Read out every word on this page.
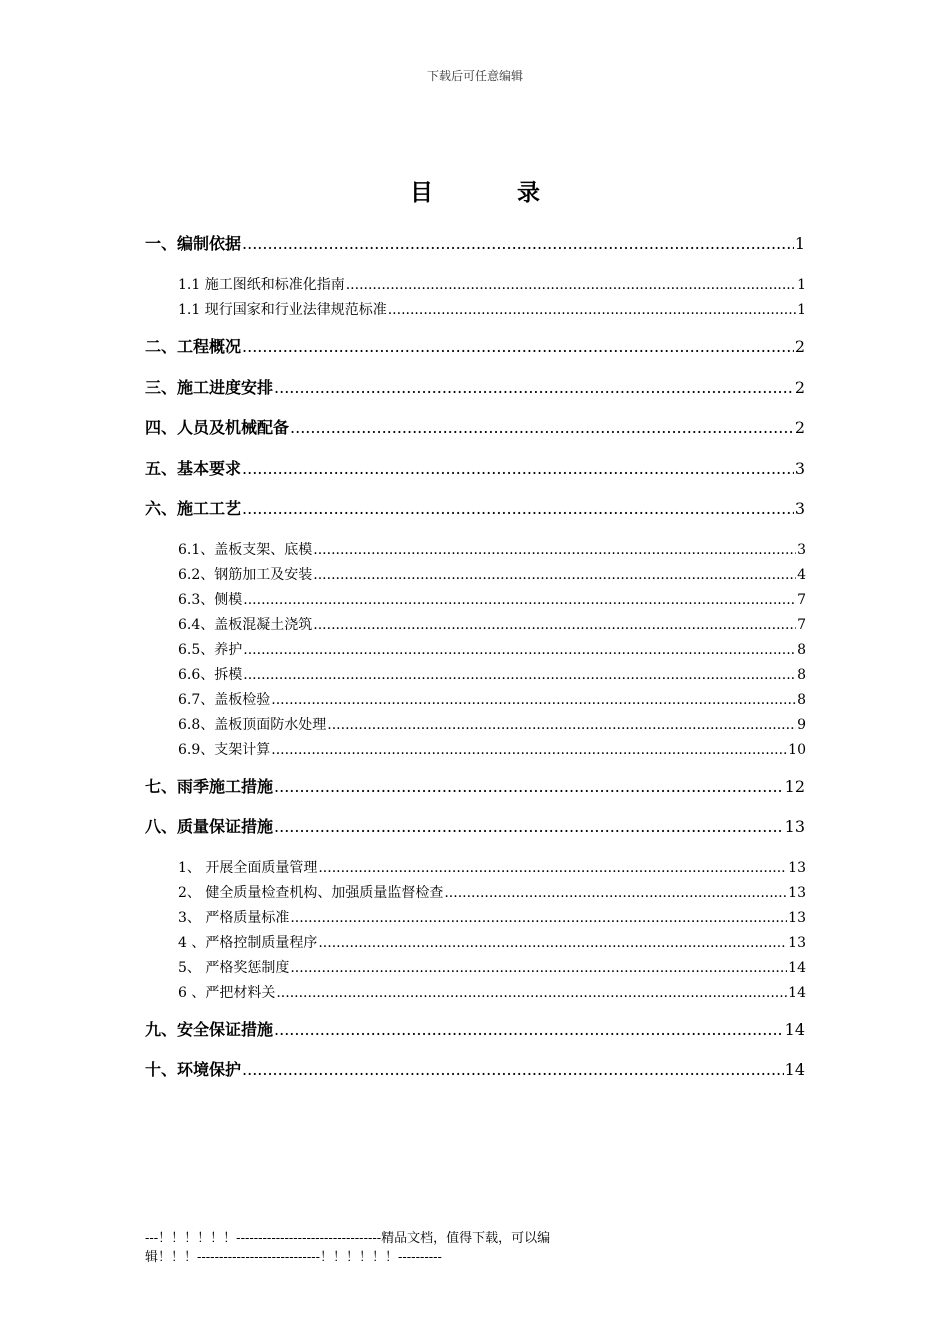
下载后可任意编辑
目 录
一、编制依据 .....	1
1.1 施工图纸和标准化指南 .....	1
1.1 现行国家和行业法律规范标准 .....	1
二、工程概况 .....	2
三、施工进度安排 .....	2
四、人员及机械配备 .....	2
五、基本要求 .....	3
六、施工工艺 .....	3
6.1、盖板支架、底模 .....	3
6.2、钢筋加工及安装 .....	4
6.3、侧模 .....	7
6.4、盖板混凝土浇筑 .....	7
6.5、养护 .....	8
6.6、拆模 .....	8
6.7、盖板检验 .....	8
6.8、盖板顶面防水处理 .....	9
6.9、支架计算 .....	10
七、雨季施工措施 .....	12
八、质量保证措施 .....	13
1、 开展全面质量管理 .....	13
2、 健全质量检查机构、加强质量监督检查 .....	13
3、 严格质量标准 .....	13
4 、严格控制质量程序 .....	13
5、 严格奖惩制度 .....	14
6 、严把材料关 .....	14
九、安全保证措施 .....	14
十、环境保护 .....	14
---！！！！！！---------------------------------精品文档，值得下载，可以编
辑！！！----------------------------！！！！！！----------
